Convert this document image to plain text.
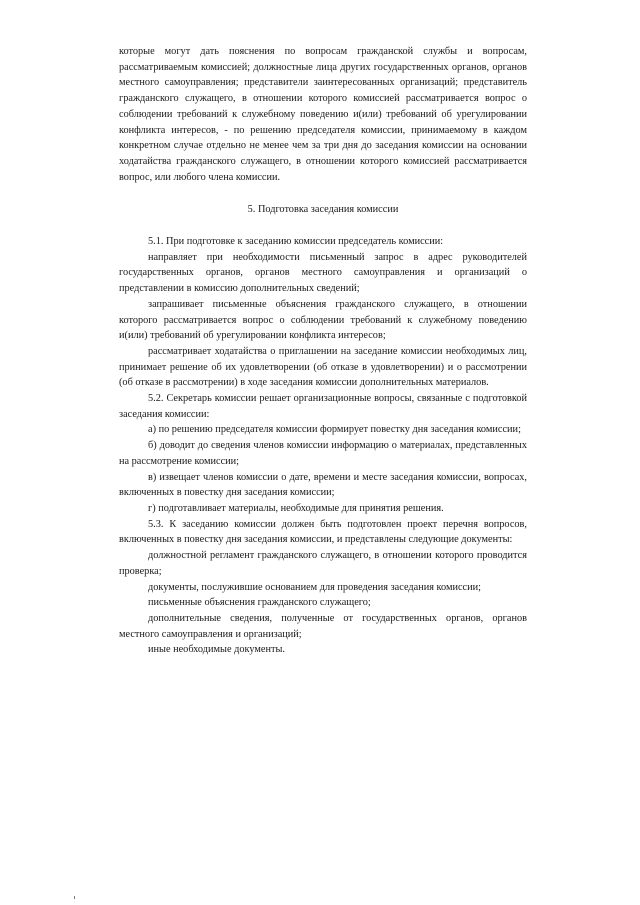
которые могут дать пояснения по вопросам гражданской службы и вопросам, рассматриваемым комиссией; должностные лица других государственных органов, органов местного самоуправления; представители заинтересованных организаций; представитель гражданского служащего, в отношении которого комиссией рассматривается вопрос о соблюдении требований к служебному поведению и(или) требований об урегулировании конфликта интересов, - по решению председателя комиссии, принимаемому в каждом конкретном случае отдельно не менее чем за три дня до заседания комиссии на основании ходатайства гражданского служащего, в отношении которого комиссией рассматривается вопрос, или любого члена комиссии.

5. Подготовка заседания комиссии

5.1. При подготовке к заседанию комиссии председатель комиссии:

направляет при необходимости письменный запрос в адрес руководителей государственных органов, органов местного самоуправления и организаций о представлении в комиссию дополнительных сведений;

запрашивает письменные объяснения гражданского служащего, в отношении которого рассматривается вопрос о соблюдении требований к служебному поведению и(или) требований об урегулировании конфликта интересов;

рассматривает ходатайства о приглашении на заседание комиссии необходимых лиц, принимает решение об их удовлетворении (об отказе в удовлетворении) и о рассмотрении (об отказе в рассмотрении) в ходе заседания комиссии дополнительных материалов.

5.2. Секретарь комиссии решает организационные вопросы, связанные с подготовкой заседания комиссии:

а) по решению председателя комиссии формирует повестку дня заседания комиссии;

б) доводит до сведения членов комиссии информацию о материалах, представленных на рассмотрение комиссии;

в) извещает членов комиссии о дате, времени и месте заседания комиссии, вопросах, включенных в повестку дня заседания комиссии;

г) подготавливает материалы, необходимые для принятия решения.

5.3. К заседанию комиссии должен быть подготовлен проект перечня вопросов, включенных в повестку дня заседания комиссии, и представлены следующие документы:

должностной регламент гражданского служащего, в отношении которого проводится проверка;

документы, послужившие основанием для проведения заседания комиссии;

письменные объяснения гражданского служащего;

дополнительные сведения, полученные от государственных органов, органов местного самоуправления и организаций;

иные необходимые документы.
